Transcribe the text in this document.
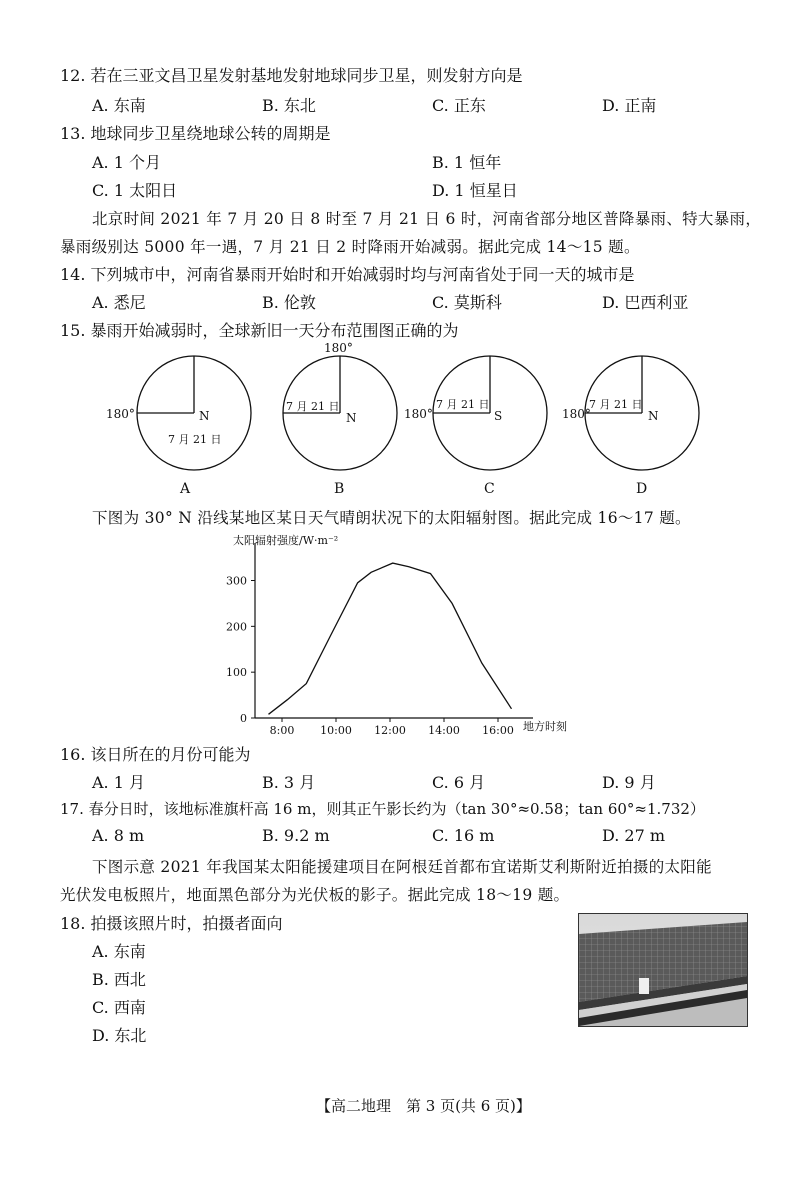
12. 若在三亚文昌卫星发射基地发射地球同步卫星，则发射方向是
A. 东南	B. 东北	C. 正东	D. 正南
13. 地球同步卫星绕地球公转的周期是
A. 1 个月	B. 1 恒年
C. 1 太阳日	D. 1 恒星日
北京时间 2021 年 7 月 20 日 8 时至 7 月 21 日 6 时，河南省部分地区普降暴雨、特大暴雨，
暴雨级别达 5000 年一遇，7 月 21 日 2 时降雨开始减弱。据此完成 14～15 题。
14. 下列城市中，河南省暴雨开始时和开始减弱时均与河南省处于同一天的城市是
A. 悉尼	B. 伦敦	C. 莫斯科	D. 巴西利亚
15. 暴雨开始减弱时，全球新旧一天分布范围图正确的为
180°	N
7 月 21 日
A
180°
N
7 月 21 日
B
180°	S
7 月 21 日
C
180°	N
7 月 21 日
D
下图为 30° N 沿线某地区某日天气晴朗状况下的太阳辐射图。据此完成 16～17 题。
太阳辐射强度/W·m⁻²
地方时刻
0
100
200
300
8:00 10:00 12:00 14:00 16:00
16. 该日所在的月份可能为
A. 1 月	B. 3 月	C. 6 月	D. 9 月
17. 春分日时，该地标准旗杆高 16 m，则其正午影长约为（tan 30°≈0.58；tan 60°≈1.732）
A. 8 m	B. 9.2 m	C. 16 m	D. 27 m
下图示意 2021 年我国某太阳能援建项目在阿根廷首都布宜诺斯艾利斯附近拍摄的太阳能
光伏发电板照片，地面黑色部分为光伏板的影子。据此完成 18～19 题。
18. 拍摄该照片时，拍摄者面向
A. 东南
B. 西北
C. 西南
D. 东北
【高二地理　第 3 页(共 6 页)】
